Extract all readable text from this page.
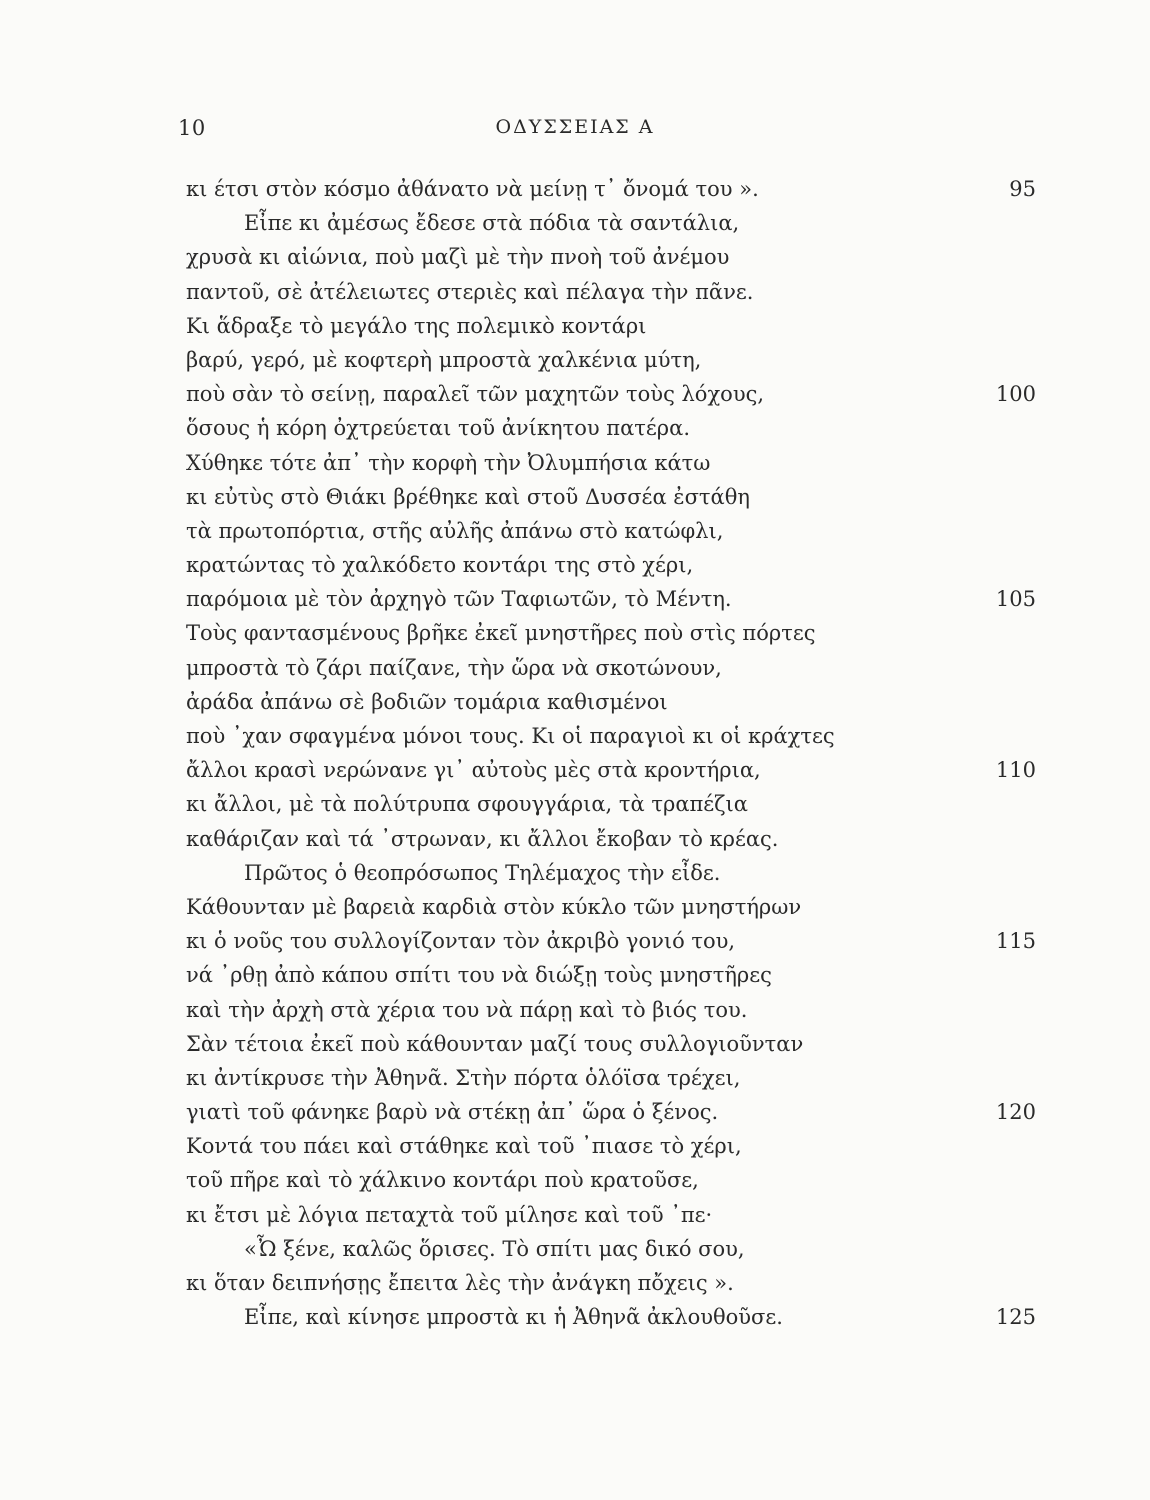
10	ΟΔΥΣΣΕΙΑΣ Α
κι έτσι στὸν κόσμο ἀθάνατο νὰ μείνῃ τ᾽ ὄνομά του ».	95
Εἶπε κι ἀμέσως ἔδεσε στὰ πόδια τὰ σαντάλια,
χρυσὰ κι αἰώνια, ποὺ μαζὶ μὲ τὴν πνοὴ τοῦ ἀνέμου
παντοῦ, σὲ ἀτέλειωτες στεριὲς καὶ πέλαγα τὴν πᾶνε.
Κι ἅδραξε τὸ μεγάλο της πολεμικὸ κοντάρι
βαρύ, γερό, μὲ κοφτερὴ μπροστὰ χαλκένια μύτη,
ποὺ σὰν τὸ σείνῃ, παραλεῖ τῶν μαχητῶν τοὺς λόχους,	100
ὅσους ἡ κόρη ὀχτρεύεται τοῦ ἀνίκητου πατέρα.
Χύθηκε τότε ἀπ᾽ τὴν κορφὴ τὴν Ὀλυμπήσια κάτω
κι εὐτὺς στὸ Θιάκι βρέθηκε καὶ στοῦ Δυσσέα ἐστάθη
τὰ πρωτοπόρτια, στῆς αὐλῆς ἀπάνω στὸ κατώφλι,
κρατώντας τὸ χαλκόδετο κοντάρι της στὸ χέρι,
παρόμοια μὲ τὸν ἀρχηγὸ τῶν Ταφιωτῶν, τὸ Μέντη.	105
Τοὺς φαντασμένους βρῆκε ἐκεῖ μνηστῆρες ποὺ στὶς πόρτες
μπροστὰ τὸ ζάρι παίζανε, τὴν ὥρα νὰ σκοτώνουν,
ἀράδα ἀπάνω σὲ βοδιῶν τομάρια καθισμένοι
ποὺ ᾽χαν σφαγμένα μόνοι τους. Κι οἱ παραγιοὶ κι οἱ κράχτες
ἄλλοι κρασὶ νερώνανε γι᾽ αὐτοὺς μὲς στὰ κροντήρια,	110
κι ἄλλοι, μὲ τὰ πολύτρυπα σφουγγάρια, τὰ τραπέζια
καθάριζαν καὶ τά ᾽στρωναν, κι ἄλλοι ἔκοβαν τὸ κρέας.
Πρῶτος ὁ θεοπρόσωπος Τηλέμαχος τὴν εἶδε.
Κάθουνταν μὲ βαρειὰ καρδιὰ στὸν κύκλο τῶν μνηστήρων
κι ὁ νοῦς του συλλογίζονταν τὸν ἀκριβὸ γονιό του,	115
νά ᾽ρθῃ ἀπὸ κάπου σπίτι του νὰ διώξῃ τοὺς μνηστῆρες
καὶ τὴν ἀρχὴ στὰ χέρια του νὰ πάρῃ καὶ τὸ βιός του.
Σὰν τέτοια ἐκεῖ ποὺ κάθουνταν μαζί τους συλλογιοῦνταν
κι ἀντίκρυσε τὴν Ἀθηνᾶ. Στὴν πόρτα ὁλόϊσα τρέχει,
γιατὶ τοῦ φάνηκε βαρὺ νὰ στέκῃ ἀπ᾽ ὥρα ὁ ξένος.	120
Κοντά του πάει καὶ στάθηκε καὶ τοῦ ᾽πιασε τὸ χέρι,
τοῦ πῆρε καὶ τὸ χάλκινο κοντάρι ποὺ κρατοῦσε,
κι ἔτσι μὲ λόγια πεταχτὰ τοῦ μίλησε καὶ τοῦ ᾽πε·
«Ὦ ξένε, καλῶς ὅρισες. Τὸ σπίτι μας δικό σου,
κι ὅταν δειπνήσῃς ἔπειτα λὲς τὴν ἀνάγκη πὄχεις ».
Εἶπε, καὶ κίνησε μπροστὰ κι ἡ Ἀθηνᾶ ἀκλουθοῦσε.	125
